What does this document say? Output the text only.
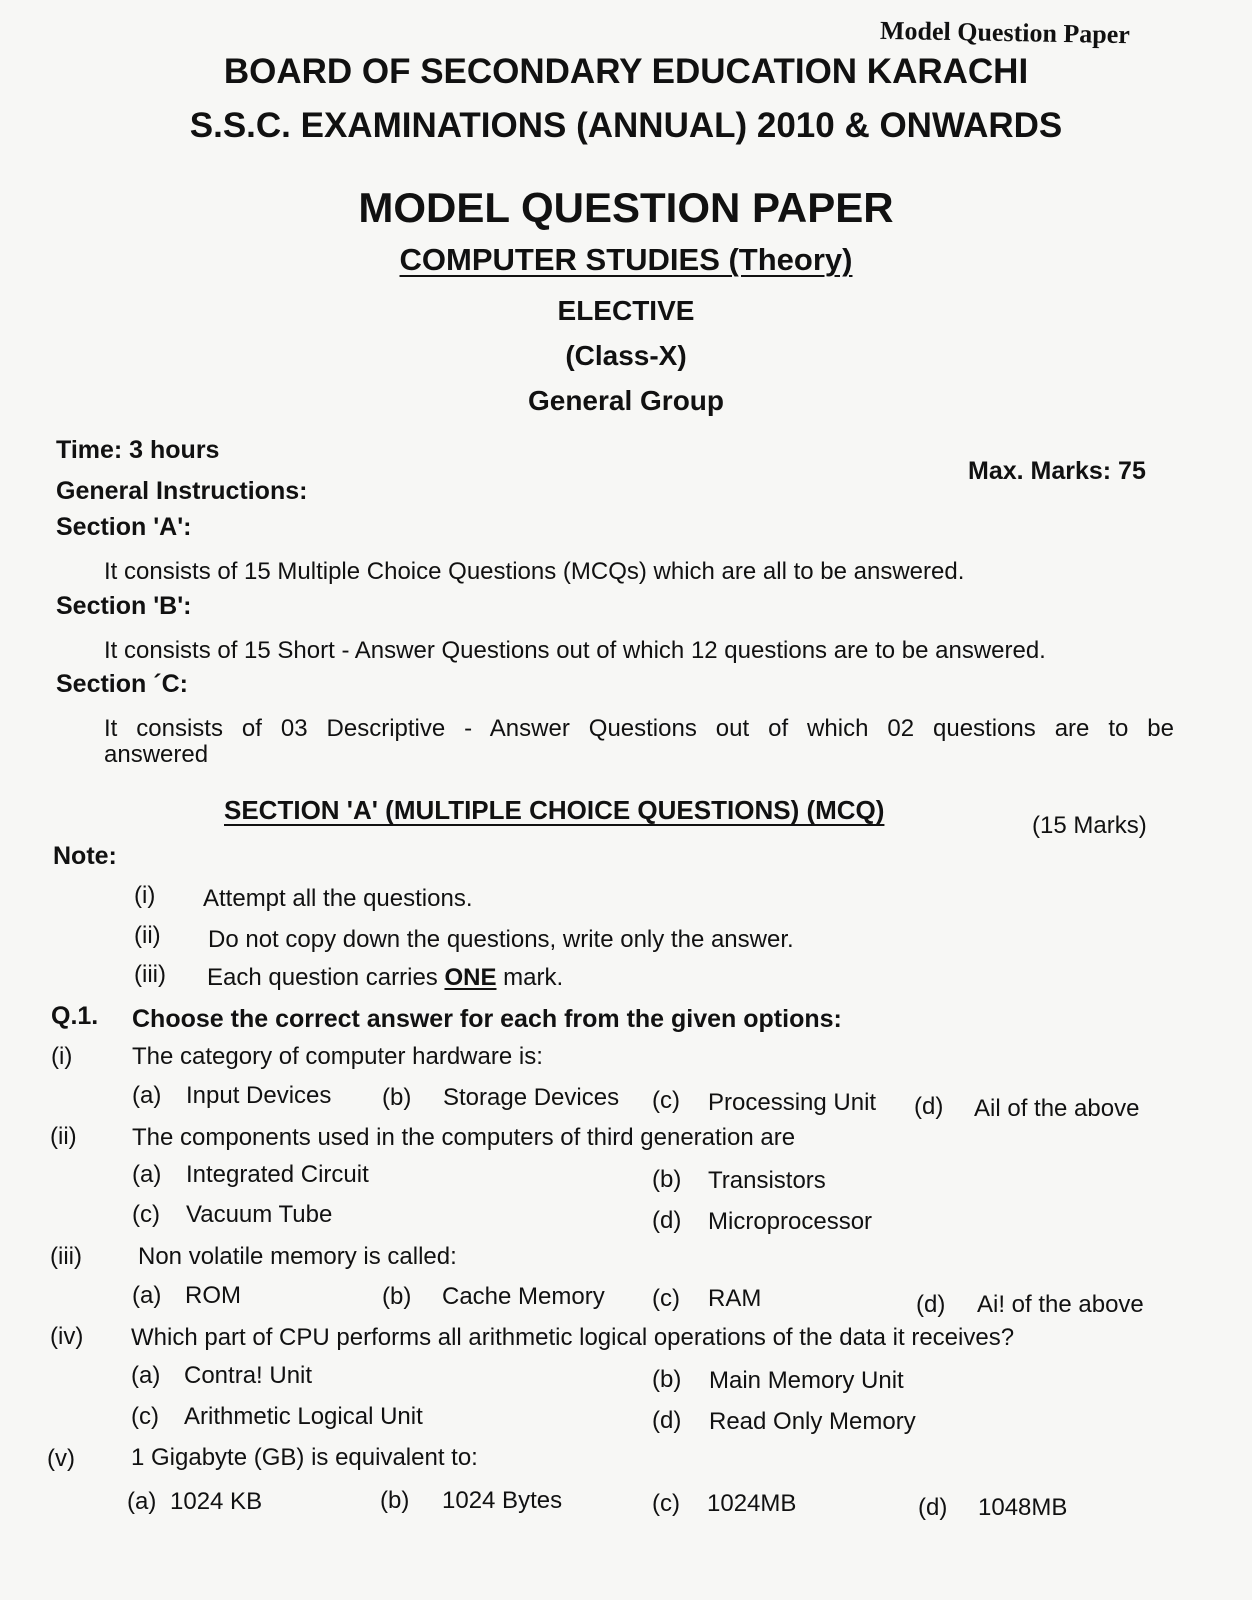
Model Question Paper
BOARD OF SECONDARY EDUCATION KARACHI
S.S.C. EXAMINATIONS (ANNUAL) 2010 & ONWARDS
MODEL QUESTION PAPER
COMPUTER STUDIES (Theory)
ELECTIVE
(Class-X)
General Group
Time: 3 hours
Max. Marks: 75
General Instructions:
Section 'A':
It consists of 15 Multiple Choice Questions (MCQs) which are all to be answered.
Section 'B':
It consists of 15 Short - Answer Questions out of which 12 questions are to be answered.
Section ´C:
It consists of 03 Descriptive - Answer Questions out of which 02 questions are to be answered
SECTION 'A' (MULTIPLE CHOICE QUESTIONS) (MCQ)
(15 Marks)
Note:
(i) Attempt all the questions.
(ii) Do not copy down the questions, write only the answer.
(iii) Each question carries ONE mark.
Q.1. Choose the correct answer for each from the given options:
(i) The category of computer hardware is:
(a) Input Devices (b) Storage Devices (c) Processing Unit (d) Ail of the above
(ii) The components used in the computers of third generation are
(a) Integrated Circuit	(b) Transistors
(c) Vacuum Tube	(d) Microprocessor
(iii) Non volatile memory is called:
(a) ROM	(b) Cache Memory (c) RAM	(d) Ai! of the above
(iv) Which part of CPU performs all arithmetic logical operations of the data it receives?
(a) Contra! Unit	(b) Main Memory Unit
(c) Arithmetic Logical Unit	(d) Read Only Memory
(v) 1 Gigabyte (GB) is equivalent to:
(a) 1024 KB	(b) 1024 Bytes	(c) 1024MB	(d) 1048MB
